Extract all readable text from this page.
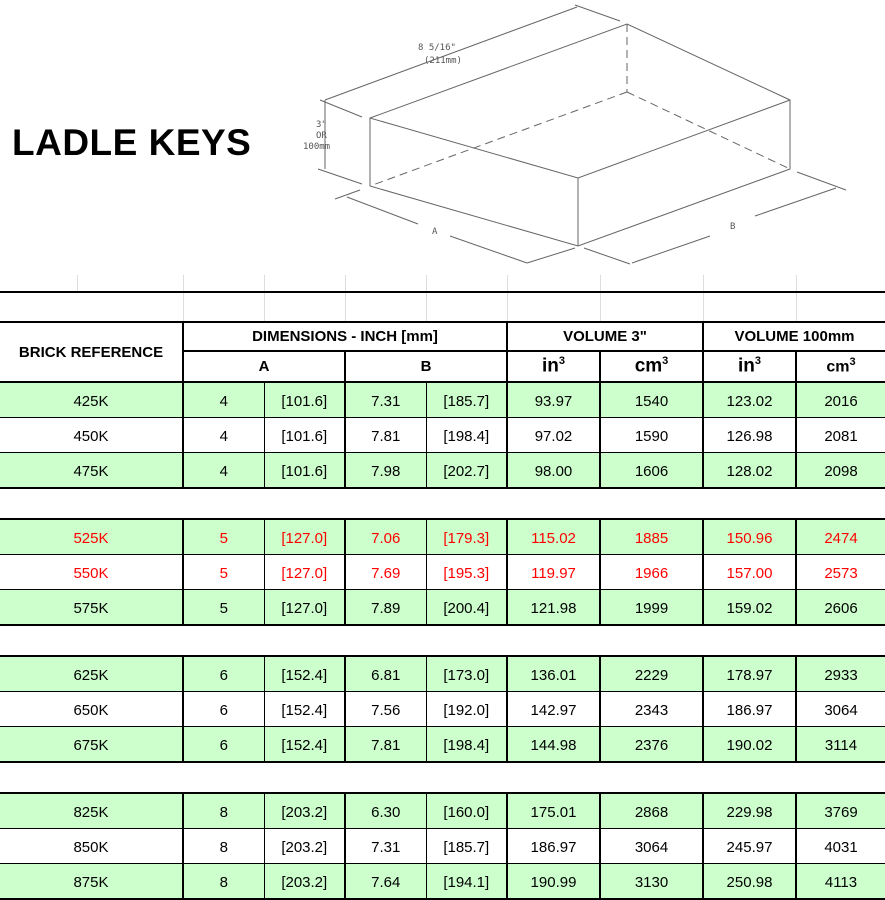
LADLE KEYS
8 5/16"
(211mm)
3"
OR
100mm
A	B

BRICK REFERENCE	DIMENSIONS - INCH [mm]				VOLUME 3"		VOLUME 100mm	
	A		B		$in^3$	$cm^3$	$in^3$	$cm^3$
425K	4	[101.6]	7.31	[185.7]	93.97	1540	123.02	2016
450K	4	[101.6]	7.81	[198.4]	97.02	1590	126.98	2081
475K	4	[101.6]	7.98	[202.7]	98.00	1606	128.02	2098

525K	5	[127.0]	7.06	[179.3]	115.02	1885	150.96	2474
550K	5	[127.0]	7.69	[195.3]	119.97	1966	157.00	2573
575K	5	[127.0]	7.89	[200.4]	121.98	1999	159.02	2606

625K	6	[152.4]	6.81	[173.0]	136.01	2229	178.97	2933
650K	6	[152.4]	7.56	[192.0]	142.97	2343	186.97	3064
675K	6	[152.4]	7.81	[198.4]	144.98	2376	190.02	3114

825K	8	[203.2]	6.30	[160.0]	175.01	2868	229.98	3769
850K	8	[203.2]	7.31	[185.7]	186.97	3064	245.97	4031
875K	8	[203.2]	7.64	[194.1]	190.99	3130	250.98	4113
